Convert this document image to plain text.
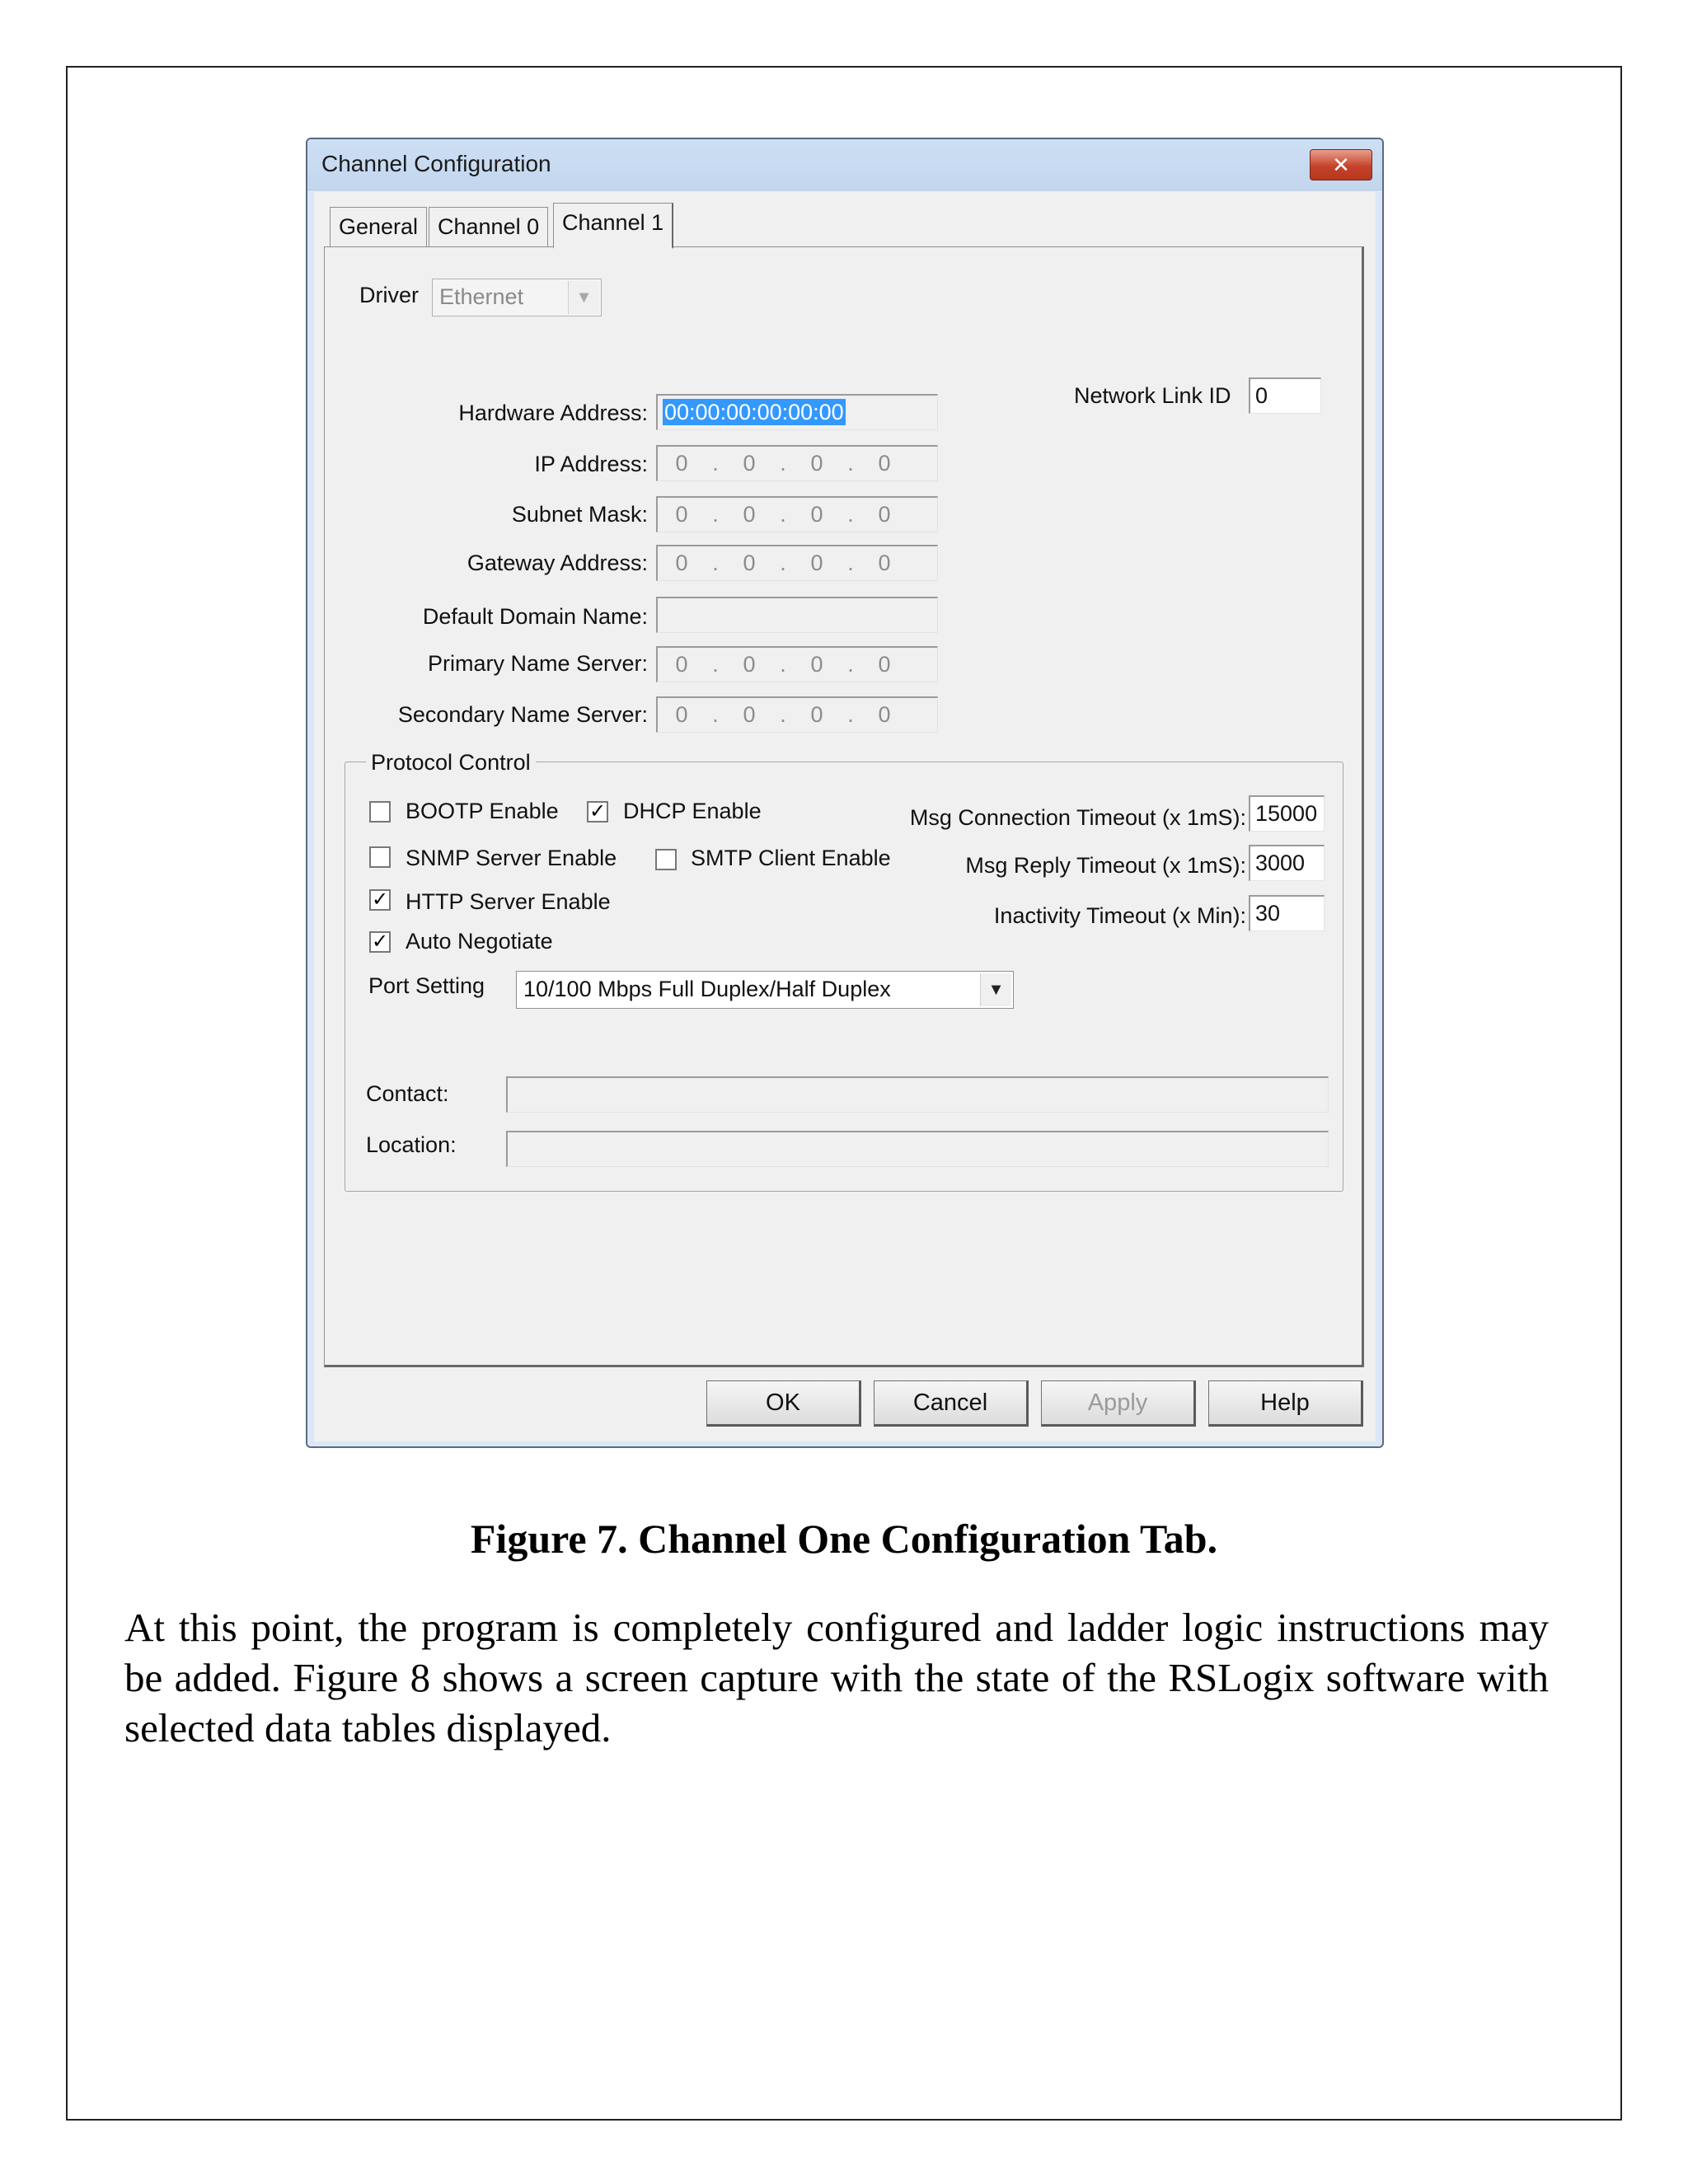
Channel Configuration	✕
General Channel 0	Channel 1
Driver Ethernet	▼
Network Link ID 0
Hardware Address: 00:00:00:00:00:00
IP Address:	0	.	0	.	0	.	0
Subnet Mask:	0	.	0	.	0	.	0
Gateway Address:	0	.	0	.	0	.	0
Default Domain Name:
Primary Name Server:	0	.	0	.	0	.	0
Secondary Name Server:	0	.	0	.	0	.	0
Protocol Control
BOOTP Enable ✓ DHCP Enable
SNMP Server Enable	SMTP Client Enable
✓ HTTP Server Enable
✓ Auto Negotiate
Msg Connection Timeout (x 1mS): 15000
Msg Reply Timeout (x 1mS): 3000
Inactivity Timeout (x Min): 30
Port Setting	10/100 Mbps Full Duplex/Half Duplex	▼
Contact:
Location:
OK	Cancel	Apply	Help
Figure 7. Channel One Configuration Tab.
At this point, the program is completely configured and ladder logic instructions may be added. Figure 8 shows a screen capture with the state of the RSLogix software with selected data tables displayed.
